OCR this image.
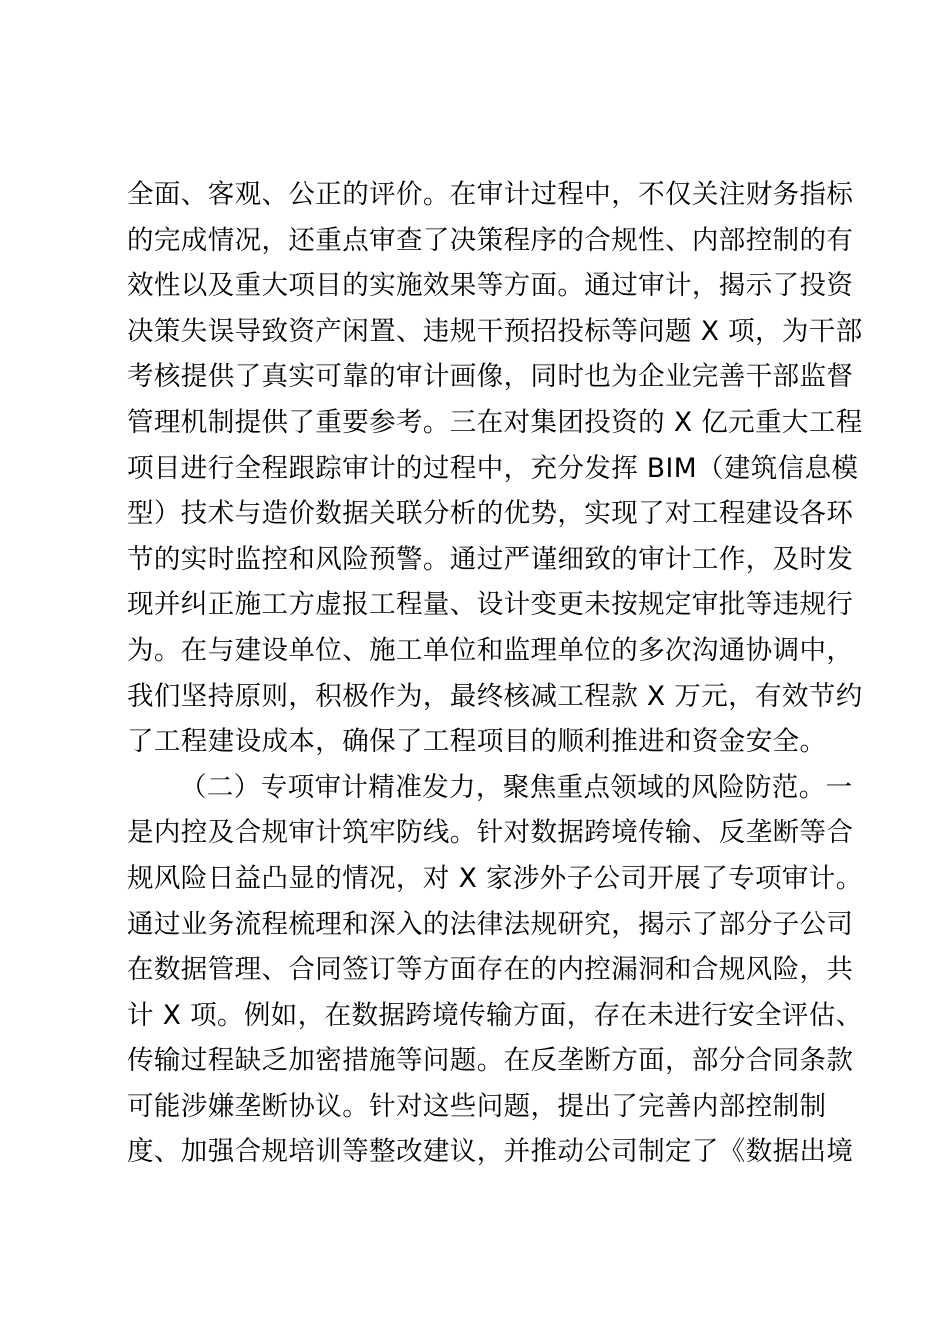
全面、客观、公正的评价。在审计过程中，不仅关注财务指标
的完成情况，还重点审查了决策程序的合规性、内部控制的有
效性以及重大项目的实施效果等方面。通过审计，揭示了投资
决策失误导致资产闲置、违规干预招投标等问题 X 项，为干部
考核提供了真实可靠的审计画像，同时也为企业完善干部监督
管理机制提供了重要参考。三在对集团投资的 X 亿元重大工程
项目进行全程跟踪审计的过程中，充分发挥 BIM（建筑信息模
型）技术与造价数据关联分析的优势，实现了对工程建设各环
节的实时监控和风险预警。通过严谨细致的审计工作，及时发
现并纠正施工方虚报工程量、设计变更未按规定审批等违规行
为。在与建设单位、施工单位和监理单位的多次沟通协调中，
我们坚持原则，积极作为，最终核减工程款 X 万元，有效节约
了工程建设成本，确保了工程项目的顺利推进和资金安全。
（二）专项审计精准发力，聚焦重点领域的风险防范。一
是内控及合规审计筑牢防线。针对数据跨境传输、反垄断等合
规风险日益凸显的情况，对 X 家涉外子公司开展了专项审计。
通过业务流程梳理和深入的法律法规研究，揭示了部分子公司
在数据管理、合同签订等方面存在的内控漏洞和合规风险，共
计 X 项。例如，在数据跨境传输方面，存在未进行安全评估、
传输过程缺乏加密措施等问题。在反垄断方面，部分合同条款
可能涉嫌垄断协议。针对这些问题，提出了完善内部控制制
度、加强合规培训等整改建议，并推动公司制定了《数据出境
